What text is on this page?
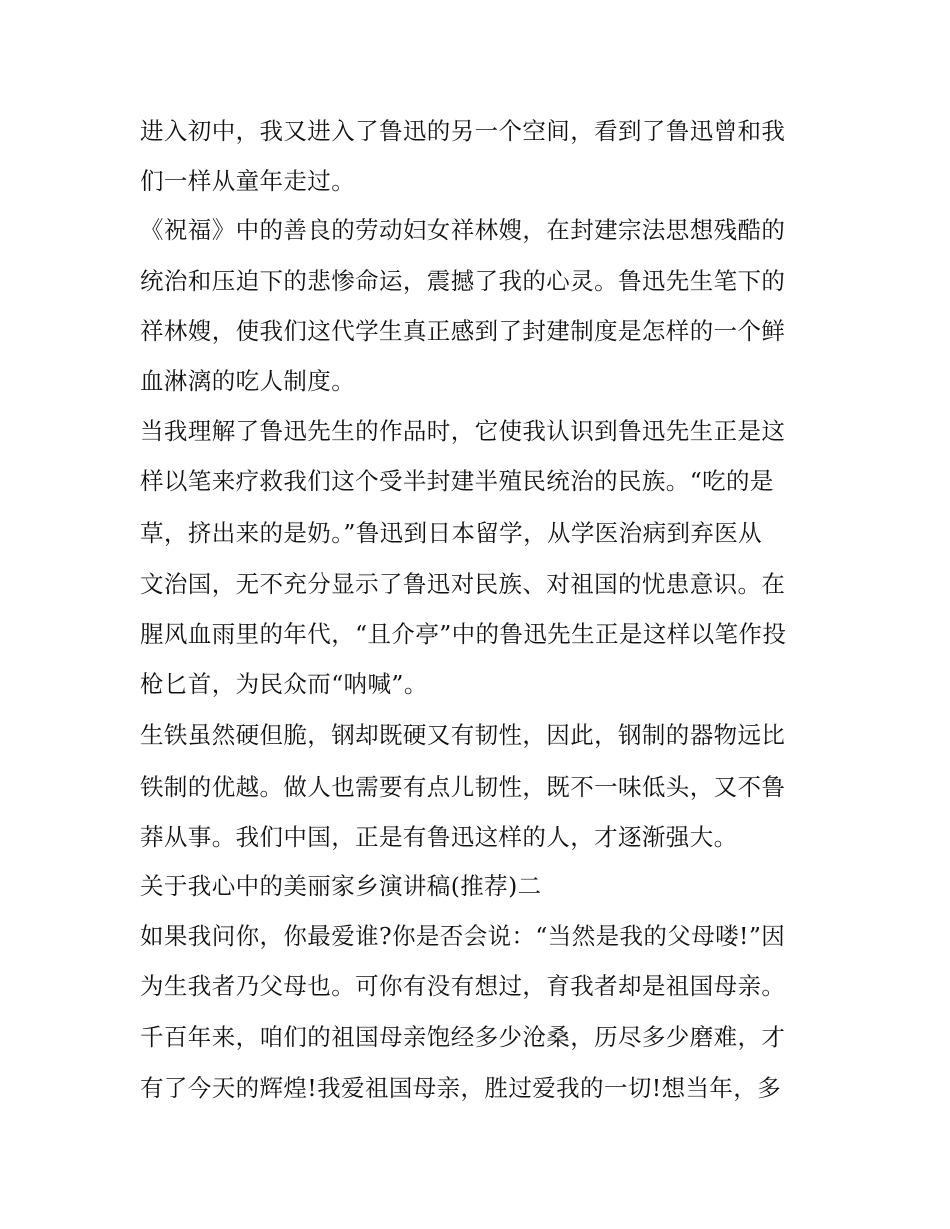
进入初中，我又进入了鲁迅的另一个空间，看到了鲁迅曾和我
们一样从童年走过。
《祝福》中的善良的劳动妇女祥林嫂，在封建宗法思想残酷的
统治和压迫下的悲惨命运，震撼了我的心灵。鲁迅先生笔下的
祥林嫂，使我们这代学生真正感到了封建制度是怎样的一个鲜
血淋漓的吃人制度。
当我理解了鲁迅先生的作品时，它使我认识到鲁迅先生正是这
样以笔来疗救我们这个受半封建半殖民统治的民族。“吃的是
草，挤出来的是奶。”鲁迅到日本留学，从学医治病到弃医从
文治国，无不充分显示了鲁迅对民族、对祖国的忧患意识。在
腥风血雨里的年代，“且介亭”中的鲁迅先生正是这样以笔作投
枪匕首，为民众而“呐喊”。
生铁虽然硬但脆，钢却既硬又有韧性，因此，钢制的器物远比
铁制的优越。做人也需要有点儿韧性，既不一味低头，又不鲁
莽从事。我们中国，正是有鲁迅这样的人，才逐渐强大。
关于我心中的美丽家乡演讲稿(推荐)二
如果我问你，你最爱谁?你是否会说：“当然是我的父母喽!”因
为生我者乃父母也。可你有没有想过，育我者却是祖国母亲。
千百年来，咱们的祖国母亲饱经多少沧桑，历尽多少磨难，才
有了今天的辉煌!我爱祖国母亲，胜过爱我的一切!想当年，多
